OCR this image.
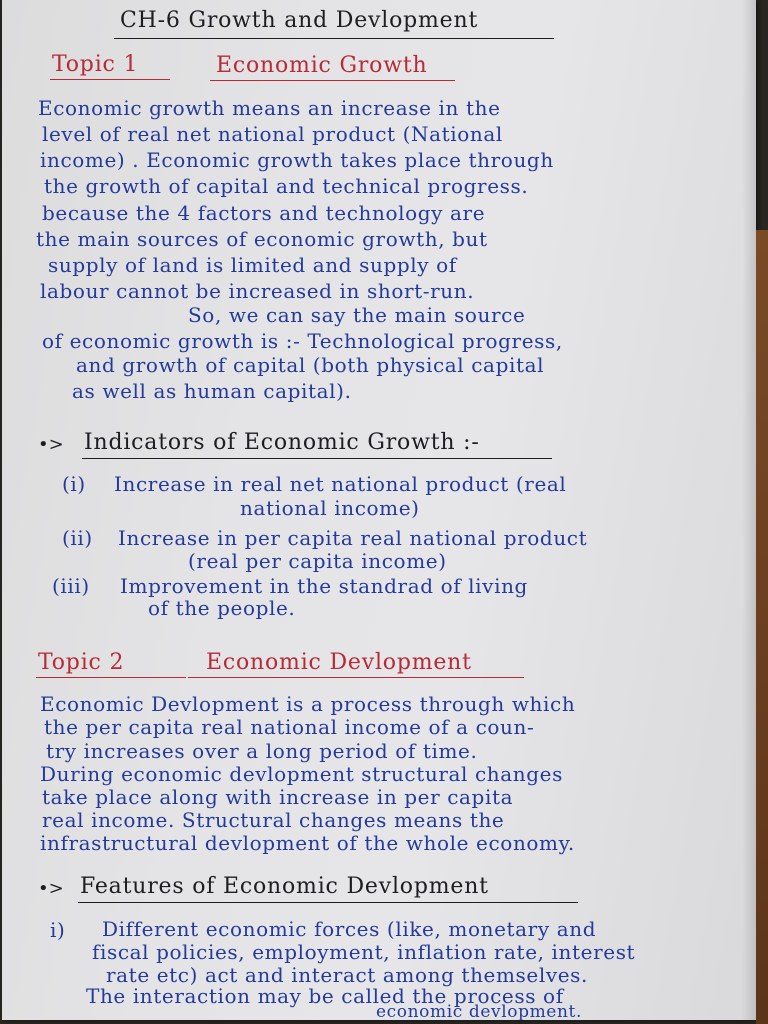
CH-6 Growth and Devlopment
Topic 1	Economic Growth
Economic growth means an increase in the
level of real net national product (National
income) . Economic growth takes place through
the growth of capital and technical progress.
because the 4 factors and technology are
the main sources of economic growth, but
supply of land is limited and supply of
labour cannot be increased in short-run.
So, we can say the main source
of economic growth is :- Technological progress,
and growth of capital (both physical capital
as well as human capital).
•> Indicators of Economic Growth :-
(i) Increase in real net national product (real
national income)
(ii) Increase in per capita real national product
(real per capita income)
(iii) Improvement in the standrad of living
of the people.
Topic 2	Economic Devlopment
Economic Devlopment is a process through which
the per capita real national income of a coun-
try increases over a long period of time.
During economic devlopment structural changes
take place along with increase in per capita
real income. Structural changes means the
infrastructural devlopment of the whole economy.
•> Features of Economic Devlopment
i) Different economic forces (like, monetary and
fiscal policies, employment, inflation rate, interest
rate etc) act and interact among themselves.
The interaction may be called the process of
economic devlopment.
